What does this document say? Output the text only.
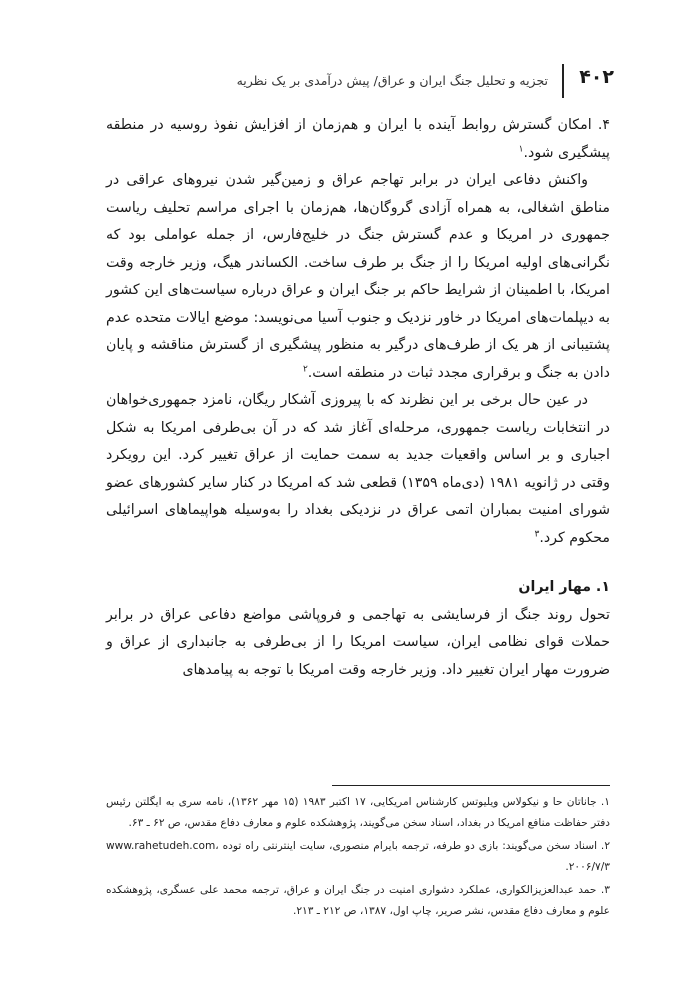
۴۰۲
تجزیه و تحلیل جنگ ایران و عراق/ پیش درآمدی بر یک نظریه

۴. امکان گسترش روابط آینده با ایران و هم‌زمان از افزایش نفوذ روسیه در منطقه پیشگیری شود.$^۱$

واکنش دفاعی ایران در برابر تهاجم عراق و زمین‌گیر شدن نیروهای عراقی در مناطق اشغالی، به همراه آزادی گروگان‌ها، هم‌زمان با اجرای مراسم تحلیف ریاست جمهوری در امریکا و عدم گسترش جنگ در خلیج‌فارس، از جمله عواملی بود که نگرانی‌های اولیه امریکا را از جنگ بر طرف ساخت. الکساندر هیگ، وزیر خارجه وقت امریکا، با اطمینان از شرایط حاکم بر جنگ ایران و عراق درباره سیاست‌های این کشور به دیپلمات‌های امریکا در خاور نزدیک و جنوب آسیا می‌نویسد: موضع ایالات متحده عدم پشتیبانی از هر یک از طرف‌های درگیر به منظور پیشگیری از گسترش مناقشه و پایان دادن به جنگ و برقراری مجدد ثبات در منطقه است.$^۲$

در عین حال برخی بر این نظرند که با پیروزی آشکار ریگان، نامزد جمهوری‌خواهان در انتخابات ریاست جمهوری، مرحله‌ای آغاز شد که در آن بی‌طرفی امریکا به شکل اجباری و بر اساس واقعیات جدید به سمت حمایت از عراق تغییر کرد. این رویکرد وقتی در ژانویه ۱۹۸۱ (دی‌ماه ۱۳۵۹) قطعی شد که امریکا در کنار سایر کشورهای عضو شورای امنیت بمباران اتمی عراق در نزدیکی بغداد را به‌وسیله هواپیماهای اسرائیلی محکوم کرد.$^۳$

۱. مهار ایران

تحول روند جنگ از فرسایشی به تهاجمی و فروپاشی مواضع دفاعی عراق در برابر حملات قوای نظامی ایران، سیاست امریکا را از بی‌طرفی به جانبداری از عراق و ضرورت مهار ایران تغییر داد. وزیر خارجه وقت امریکا با توجه به پیامدهای

۱. جاناتان حا و نیکولاس ویلیوتس کارشناس امریکایی، ۱۷ اکتبر ۱۹۸۳ (۱۵ مهر ۱۳۶۲)، نامه سری به ایگلتن رئیس دفتر حفاظت منافع امریکا در بغداد، اسناد سخن می‌گویند، پژوهشکده علوم و معارف دفاع مقدس، ص ۶۲ ـ ۶۳.

۲. اسناد سخن می‌گویند: بازی دو طرفه، ترجمه بایرام منصوری، سایت اینترنتی راه توده www.rahetudeh.com، ۲۰۰۶/۷/۳.

۳. حمد عبدالعزیزالکواری، عملکرد دشواری امنیت در جنگ ایران و عراق، ترجمه محمد علی عسگری، پژوهشکده علوم و معارف دفاع مقدس، نشر صریر، چاپ اول، ۱۳۸۷، ص ۲۱۲ ـ ۲۱۳.
